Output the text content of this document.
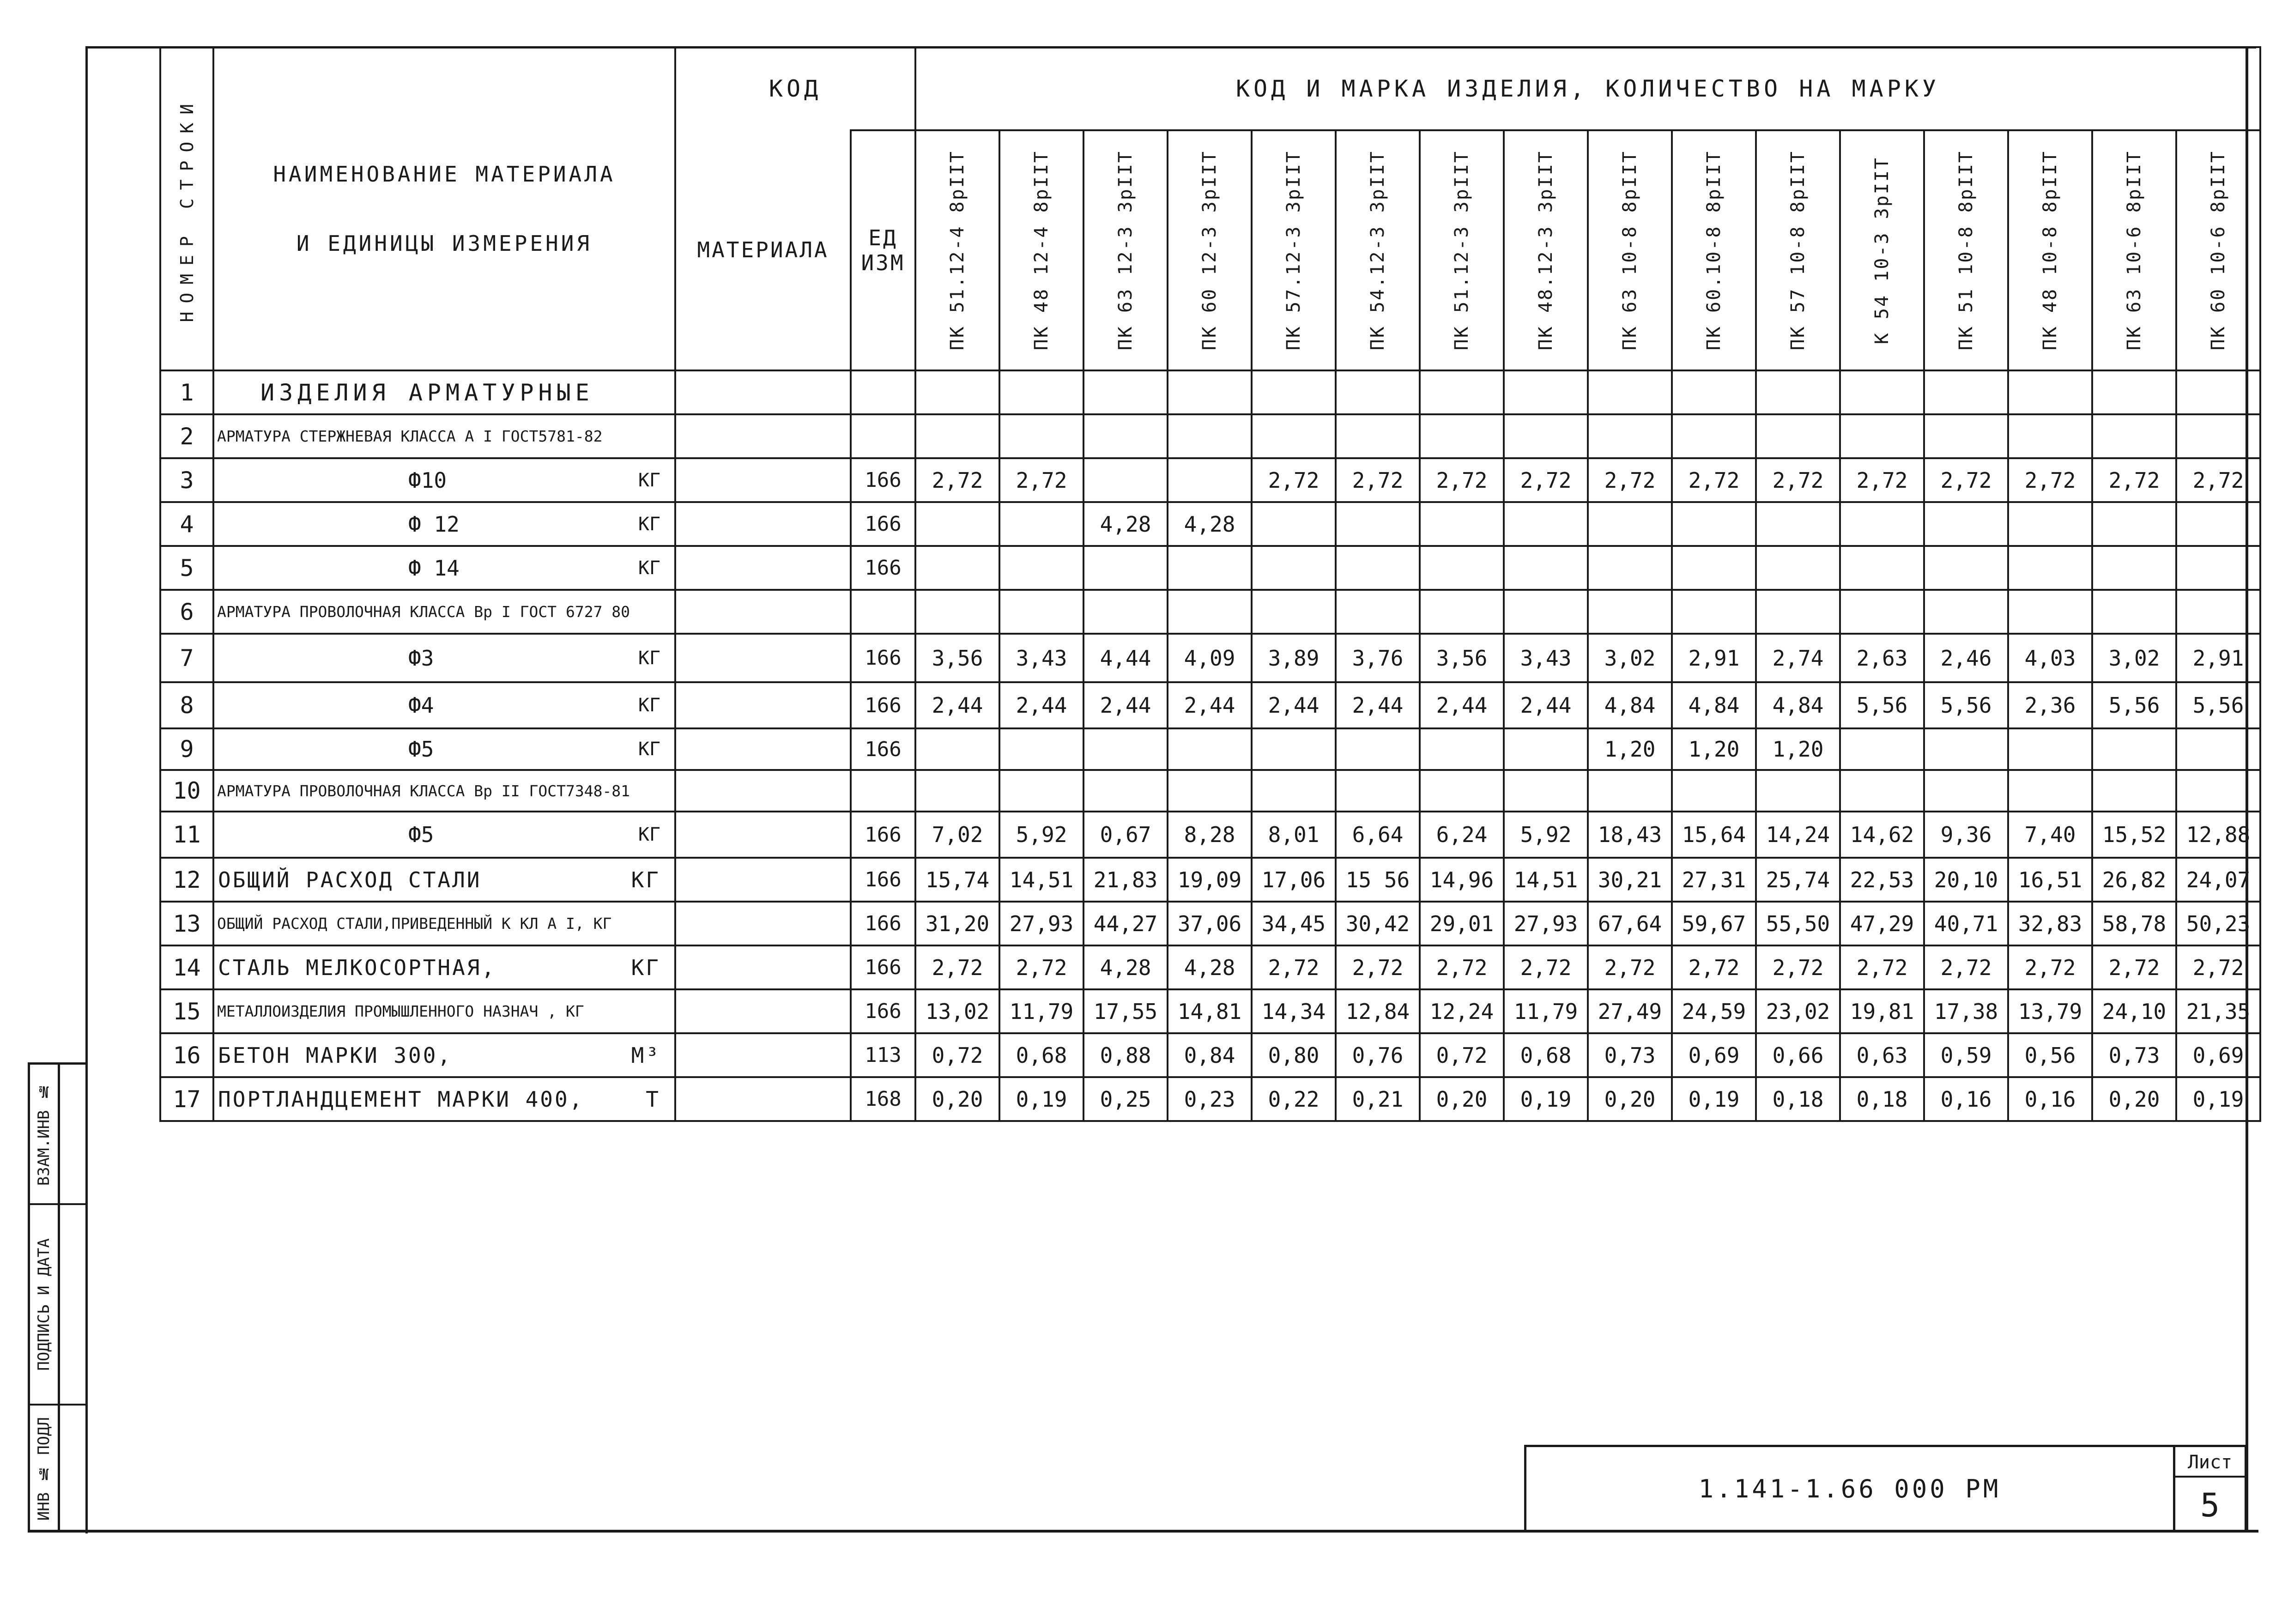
НОМЕР СТРОКИ	НАИМЕНОВАНИЕ МАТЕРИАЛА
И ЕДИНИЦЫ ИЗМЕРЕНИЯ	КОД		КОД И МАРКА ИЗДЕЛИЯ, КОЛИЧЕСТВО НА МАРКУ															
		МАТЕРИАЛА	ЕД
ИЗМ	ПК 51.12-4 8рIIТ	ПК 48 12-4 8рIIТ	ПК 63 12-3 3рIIТ	ПК 60 12-3 3рIIТ	ПК 57.12-3 3рIIТ	ПК 54.12-3 3рIIТ	ПК 51.12-3 3рIIТ	ПК 48.12-3 3рIIТ	ПК 63 10-8 8рIIТ	ПК 60.10-8 8рIIТ	ПК 57 10-8 8рIIТ	К 54 10-3 3рIIТ	ПК 51 10-8 8рIIТ	ПК 48 10-8 8рIIТ	ПК 63 10-6 8рIIТ	ПК 60 10-6 8рIIТ

1	ИЗДЕЛИЯ АРМАТУРНЫЕ																		
2	АРМАТУРА СТЕРЖНЕВАЯ КЛАССА А I ГОСТ5781-82																		
3	Ф10 КГ		166	2,72	2,72			2,72	2,72	2,72	2,72	2,72	2,72	2,72	2,72	2,72	2,72	2,72	2,72
4	Ф 12 КГ		166			4,28	4,28												
5	Ф 14 КГ		166																
6	АРМАТУРА ПРОВОЛОЧНАЯ КЛАССА Вр I ГОСТ 6727 80																		
7	Ф3 КГ		166	3,56	3,43	4,44	4,09	3,89	3,76	3,56	3,43	3,02	2,91	2,74	2,63	2,46	4,03	3,02	2,91
8	Ф4 КГ		166	2,44	2,44	2,44	2,44	2,44	2,44	2,44	2,44	4,84	4,84	4,84	5,56	5,56	2,36	5,56	5,56
9	Ф5 КГ		166									1,20	1,20	1,20					
10	АРМАТУРА ПРОВОЛОЧНАЯ КЛАССА Вр II ГОСТ7348-81																		
11	Ф5 КГ		166	7,02	5,92	0,67	8,28	8,01	6,64	6,24	5,92	18,43	15,64	14,24	14,62	9,36	7,40	15,52	12,88
12	ОБЩИЙ РАСХОД СТАЛИ КГ		166	15,74	14,51	21,83	19,09	17,06	15 56	14,96	14,51	30,21	27,31	25,74	22,53	20,10	16,51	26,82	24,07
13	ОБЩИЙ РАСХОД СТАЛИ,ПРИВЕДЕННЫЙ К КЛ А I, КГ		166	31,20	27,93	44,27	37,06	34,45	30,42	29,01	27,93	67,64	59,67	55,50	47,29	40,71	32,83	58,78	50,23
14	СТАЛЬ МЕЛКОСОРТНАЯ, КГ		166	2,72	2,72	4,28	4,28	2,72	2,72	2,72	2,72	2,72	2,72	2,72	2,72	2,72	2,72	2,72	2,72
15	МЕТАЛЛОИЗДЕЛИЯ ПРОМЫШЛЕННОГО НАЗНАЧ , КГ		166	13,02	11,79	17,55	14,81	14,34	12,84	12,24	11,79	27,49	24,59	23,02	19,81	17,38	13,79	24,10	21,35
16	БЕТОН МАРКИ 300, М³		113	0,72	0,68	0,88	0,84	0,80	0,76	0,72	0,68	0,73	0,69	0,66	0,63	0,59	0,56	0,73	0,69
17	ПОРТЛАНДЦЕМЕНТ МАРКИ 400, Т		168	0,20	0,19	0,25	0,23	0,22	0,21	0,20	0,19	0,20	0,19	0,18	0,18	0,16	0,16	0,20	0,19
1.141-1.66 000 РМ
Лист
5
ВЗАМ.ИНВ №
ПОДПИСЬ И ДАТА
ИНВ № ПОДЛ
